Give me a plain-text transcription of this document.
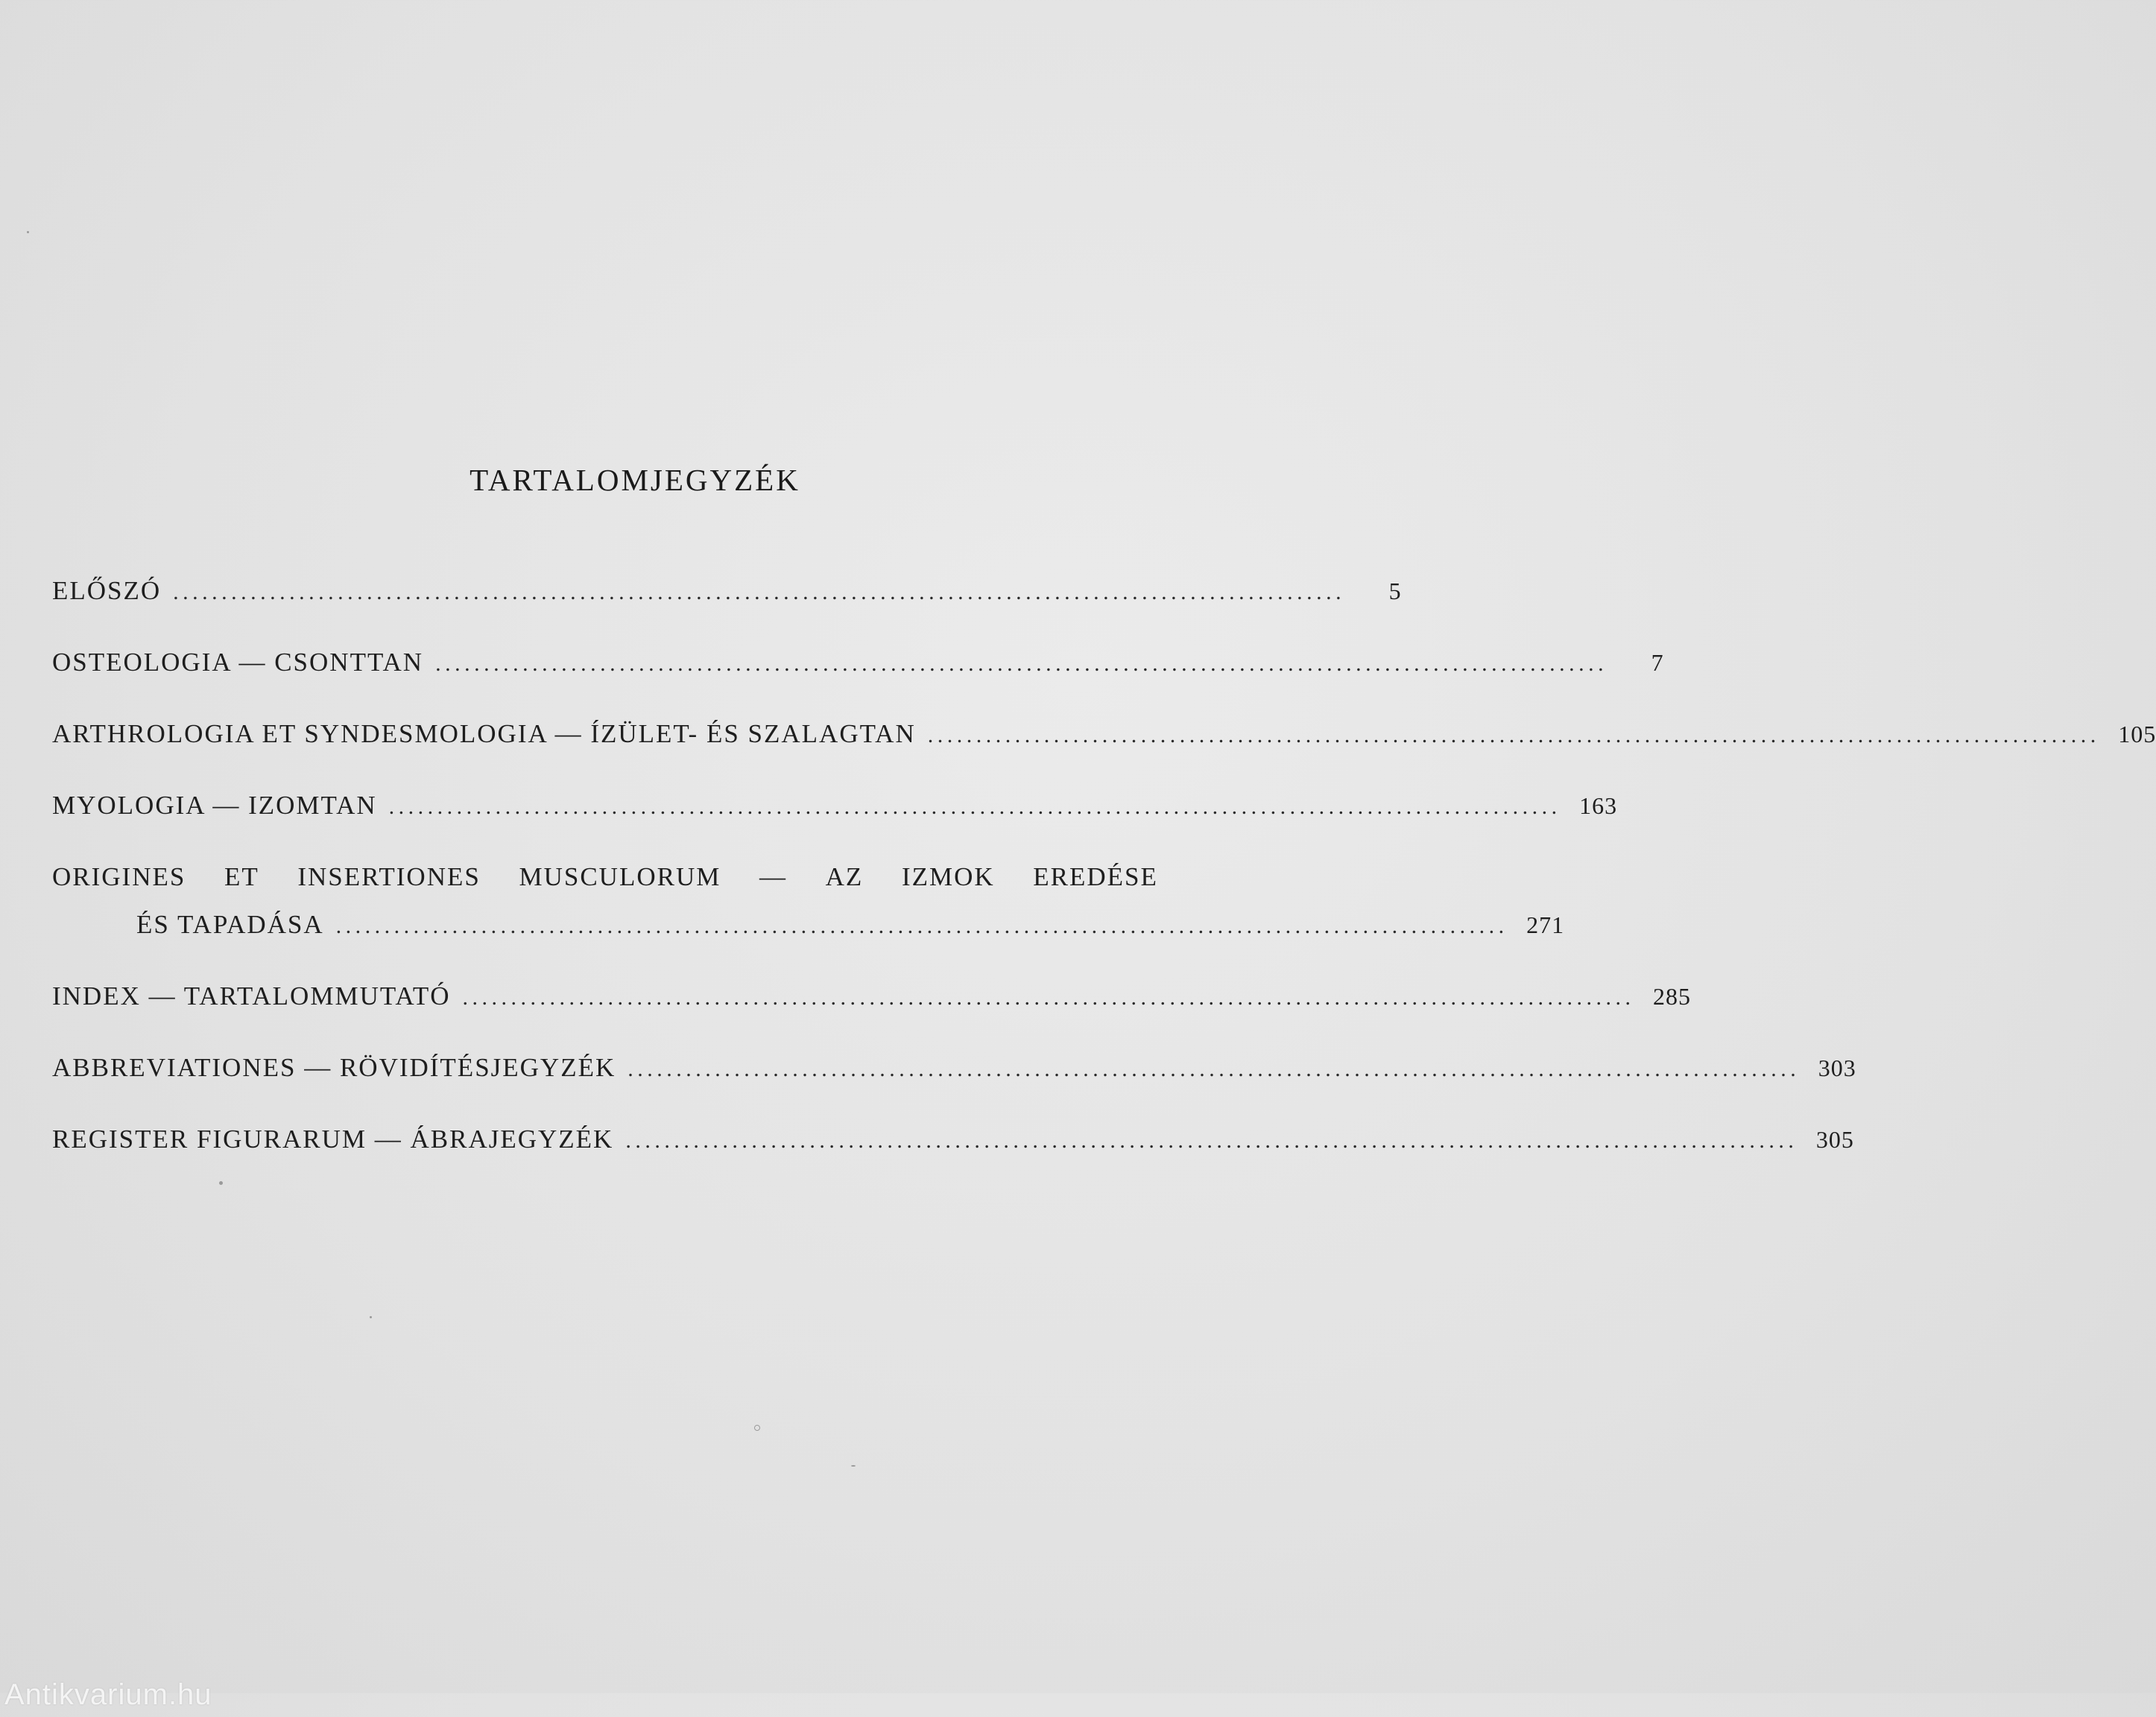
TARTALOMJEGYZÉK
ELŐSZÓ . . .	5
OSTEOLOGIA — CSONTTAN . . .	7
ARTHROLOGIA ET SYNDESMOLOGIA — ÍZÜLET- ÉS SZALAGTAN . . .	105
MYOLOGIA — IZOMTAN . . .	163
ORIGINES ET INSERTIONES MUSCULORUM — AZ IZMOK EREDÉSE
ÉS TAPADÁSA . . .	271
INDEX — TARTALOMMUTATÓ . . .	285
ABBREVIATIONES — RÖVIDÍTÉSJEGYZÉK . . .	303
REGISTER FIGURARUM — ÁBRAJEGYZÉK . . .	305
Antikvarium.hu
